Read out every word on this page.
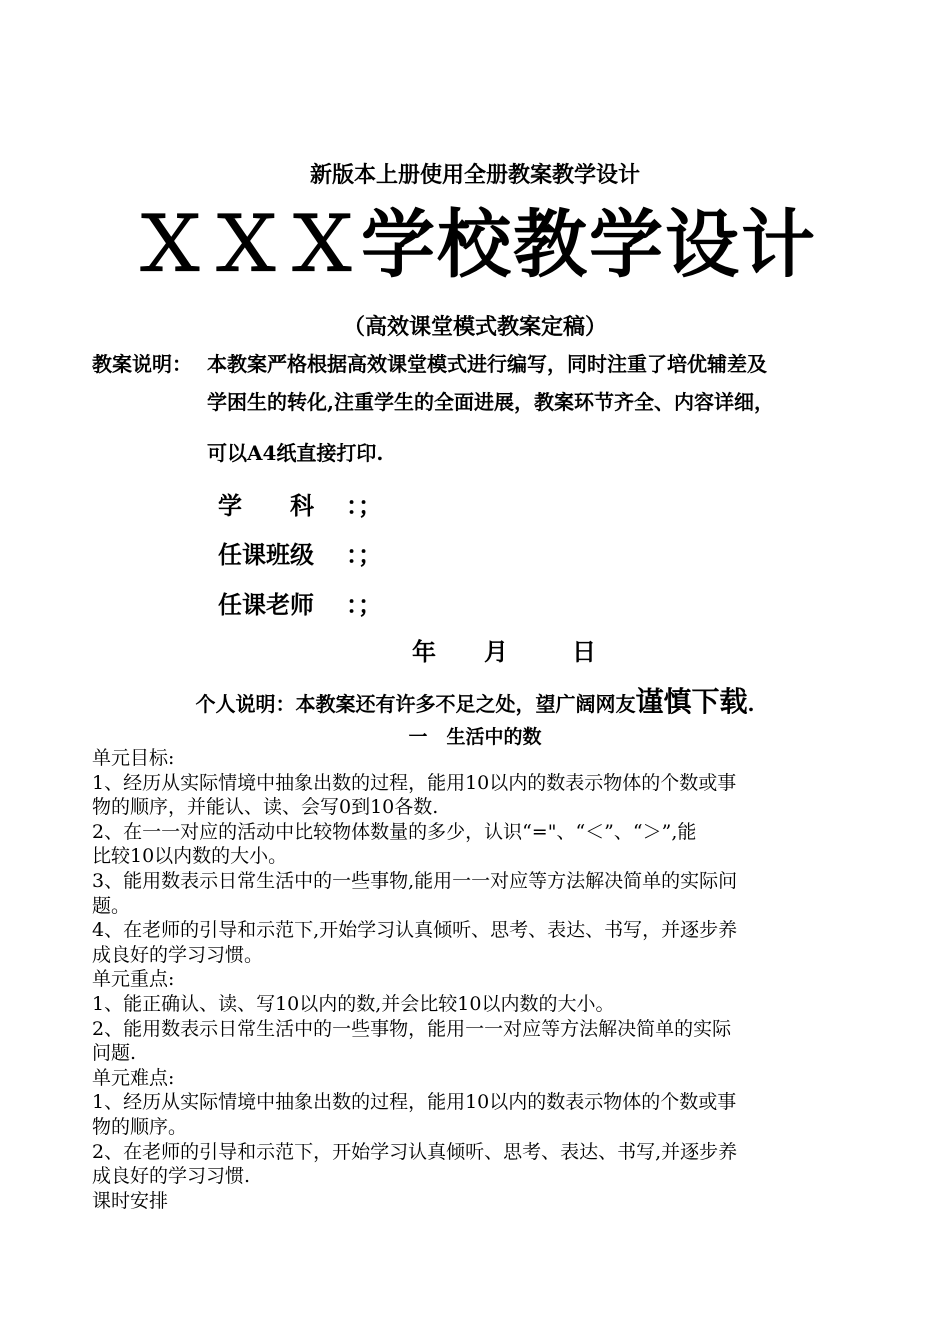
新版本上册使用全册教案教学设计
ＸＸＸ学校教学设计
（高效课堂模式教案定稿）
教案说明： 本教案严格根据高效课堂模式进行编写，同时注重了培优辅差及
学困生的转化,注重学生的全面进展，教案环节齐全、内容详细，
可以A4纸直接打印.
学 科 ：；
任课班级 ：；
任课老师 ：；
年 月	日
个人说明：本教案还有许多不足之处，望广阔网友谨慎下载.
一　生活中的数
单元目标:
1、经历从实际情境中抽象出数的过程，能用10以内的数表示物体的个数或事
物的顺序，并能认、读、会写0到10各数.
2、在一一对应的活动中比较物体数量的多少，认识“="、“＜”、“＞”,能
比较10以内数的大小。
3、能用数表示日常生活中的一些事物,能用一一对应等方法解决简单的实际问
题。
4、在老师的引导和示范下,开始学习认真倾听、思考、表达、书写，并逐步养
成良好的学习习惯。
单元重点:
1、能正确认、读、写10以内的数,并会比较10以内数的大小。
2、能用数表示日常生活中的一些事物，能用一一对应等方法解决简单的实际
问题.
单元难点:
1、经历从实际情境中抽象出数的过程，能用10以内的数表示物体的个数或事
物的顺序。
2、在老师的引导和示范下，开始学习认真倾听、思考、表达、书写,并逐步养
成良好的学习习惯.
课时安排
